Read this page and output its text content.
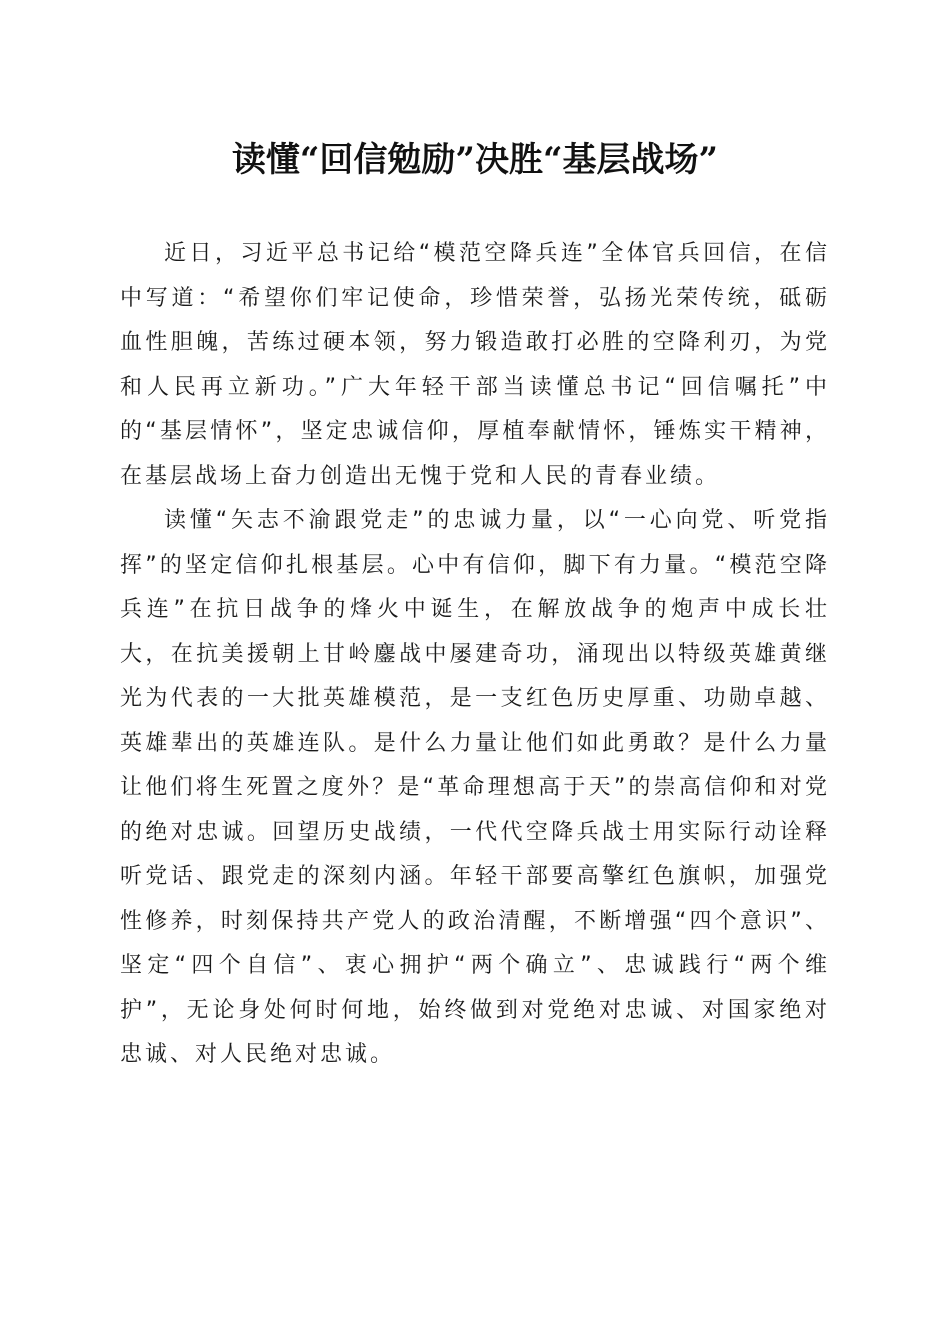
读懂“回信勉励”决胜“基层战场”

近日，习近平总书记给“模范空降兵连”全体官兵回信，在信中写道：“希望你们牢记使命，珍惜荣誉，弘扬光荣传统，砥砺血性胆魄，苦练过硬本领，努力锻造敢打必胜的空降利刃，为党和人民再立新功。”广大年轻干部当读懂总书记“回信嘱托”中的“基层情怀”，坚定忠诚信仰，厚植奉献情怀，锤炼实干精神，在基层战场上奋力创造出无愧于党和人民的青春业绩。

读懂“矢志不渝跟党走”的忠诚力量，以“一心向党、听党指挥”的坚定信仰扎根基层。心中有信仰，脚下有力量。“模范空降兵连”在抗日战争的烽火中诞生，在解放战争的炮声中成长壮大，在抗美援朝上甘岭鏖战中屡建奇功，涌现出以特级英雄黄继光为代表的一大批英雄模范，是一支红色历史厚重、功勋卓越、英雄辈出的英雄连队。是什么力量让他们如此勇敢？是什么力量让他们将生死置之度外？是“革命理想高于天”的崇高信仰和对党的绝对忠诚。回望历史战绩，一代代空降兵战士用实际行动诠释听党话、跟党走的深刻内涵。年轻干部要高擎红色旗帜，加强党性修养，时刻保持共产党人的政治清醒，不断增强“四个意识”、坚定“四个自信”、衷心拥护“两个确立”、忠诚践行“两个维护”，无论身处何时何地，始终做到对党绝对忠诚、对国家绝对忠诚、对人民绝对忠诚。
